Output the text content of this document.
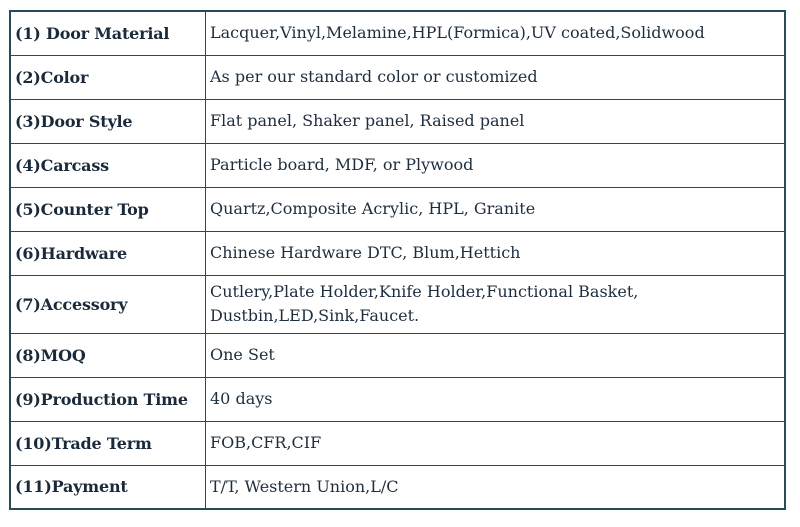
(1) Door Material	Lacquer,Vinyl,Melamine,HPL(Formica),UV coated,Solidwood
(2)Color	As per our standard color or customized
(3)Door Style	Flat panel, Shaker panel, Raised panel
(4)Carcass	Particle board, MDF, or Plywood
(5)Counter Top	Quartz,Composite Acrylic, HPL, Granite
(6)Hardware	Chinese Hardware DTC, Blum,Hettich
(7)Accessory	Cutlery,Plate Holder,Knife Holder,Functional Basket, Dustbin,LED,Sink,Faucet.
(8)MOQ	One Set
(9)Production Time	40 days
(10)Trade Term	FOB,CFR,CIF
(11)Payment	T/T, Western Union,L/C
